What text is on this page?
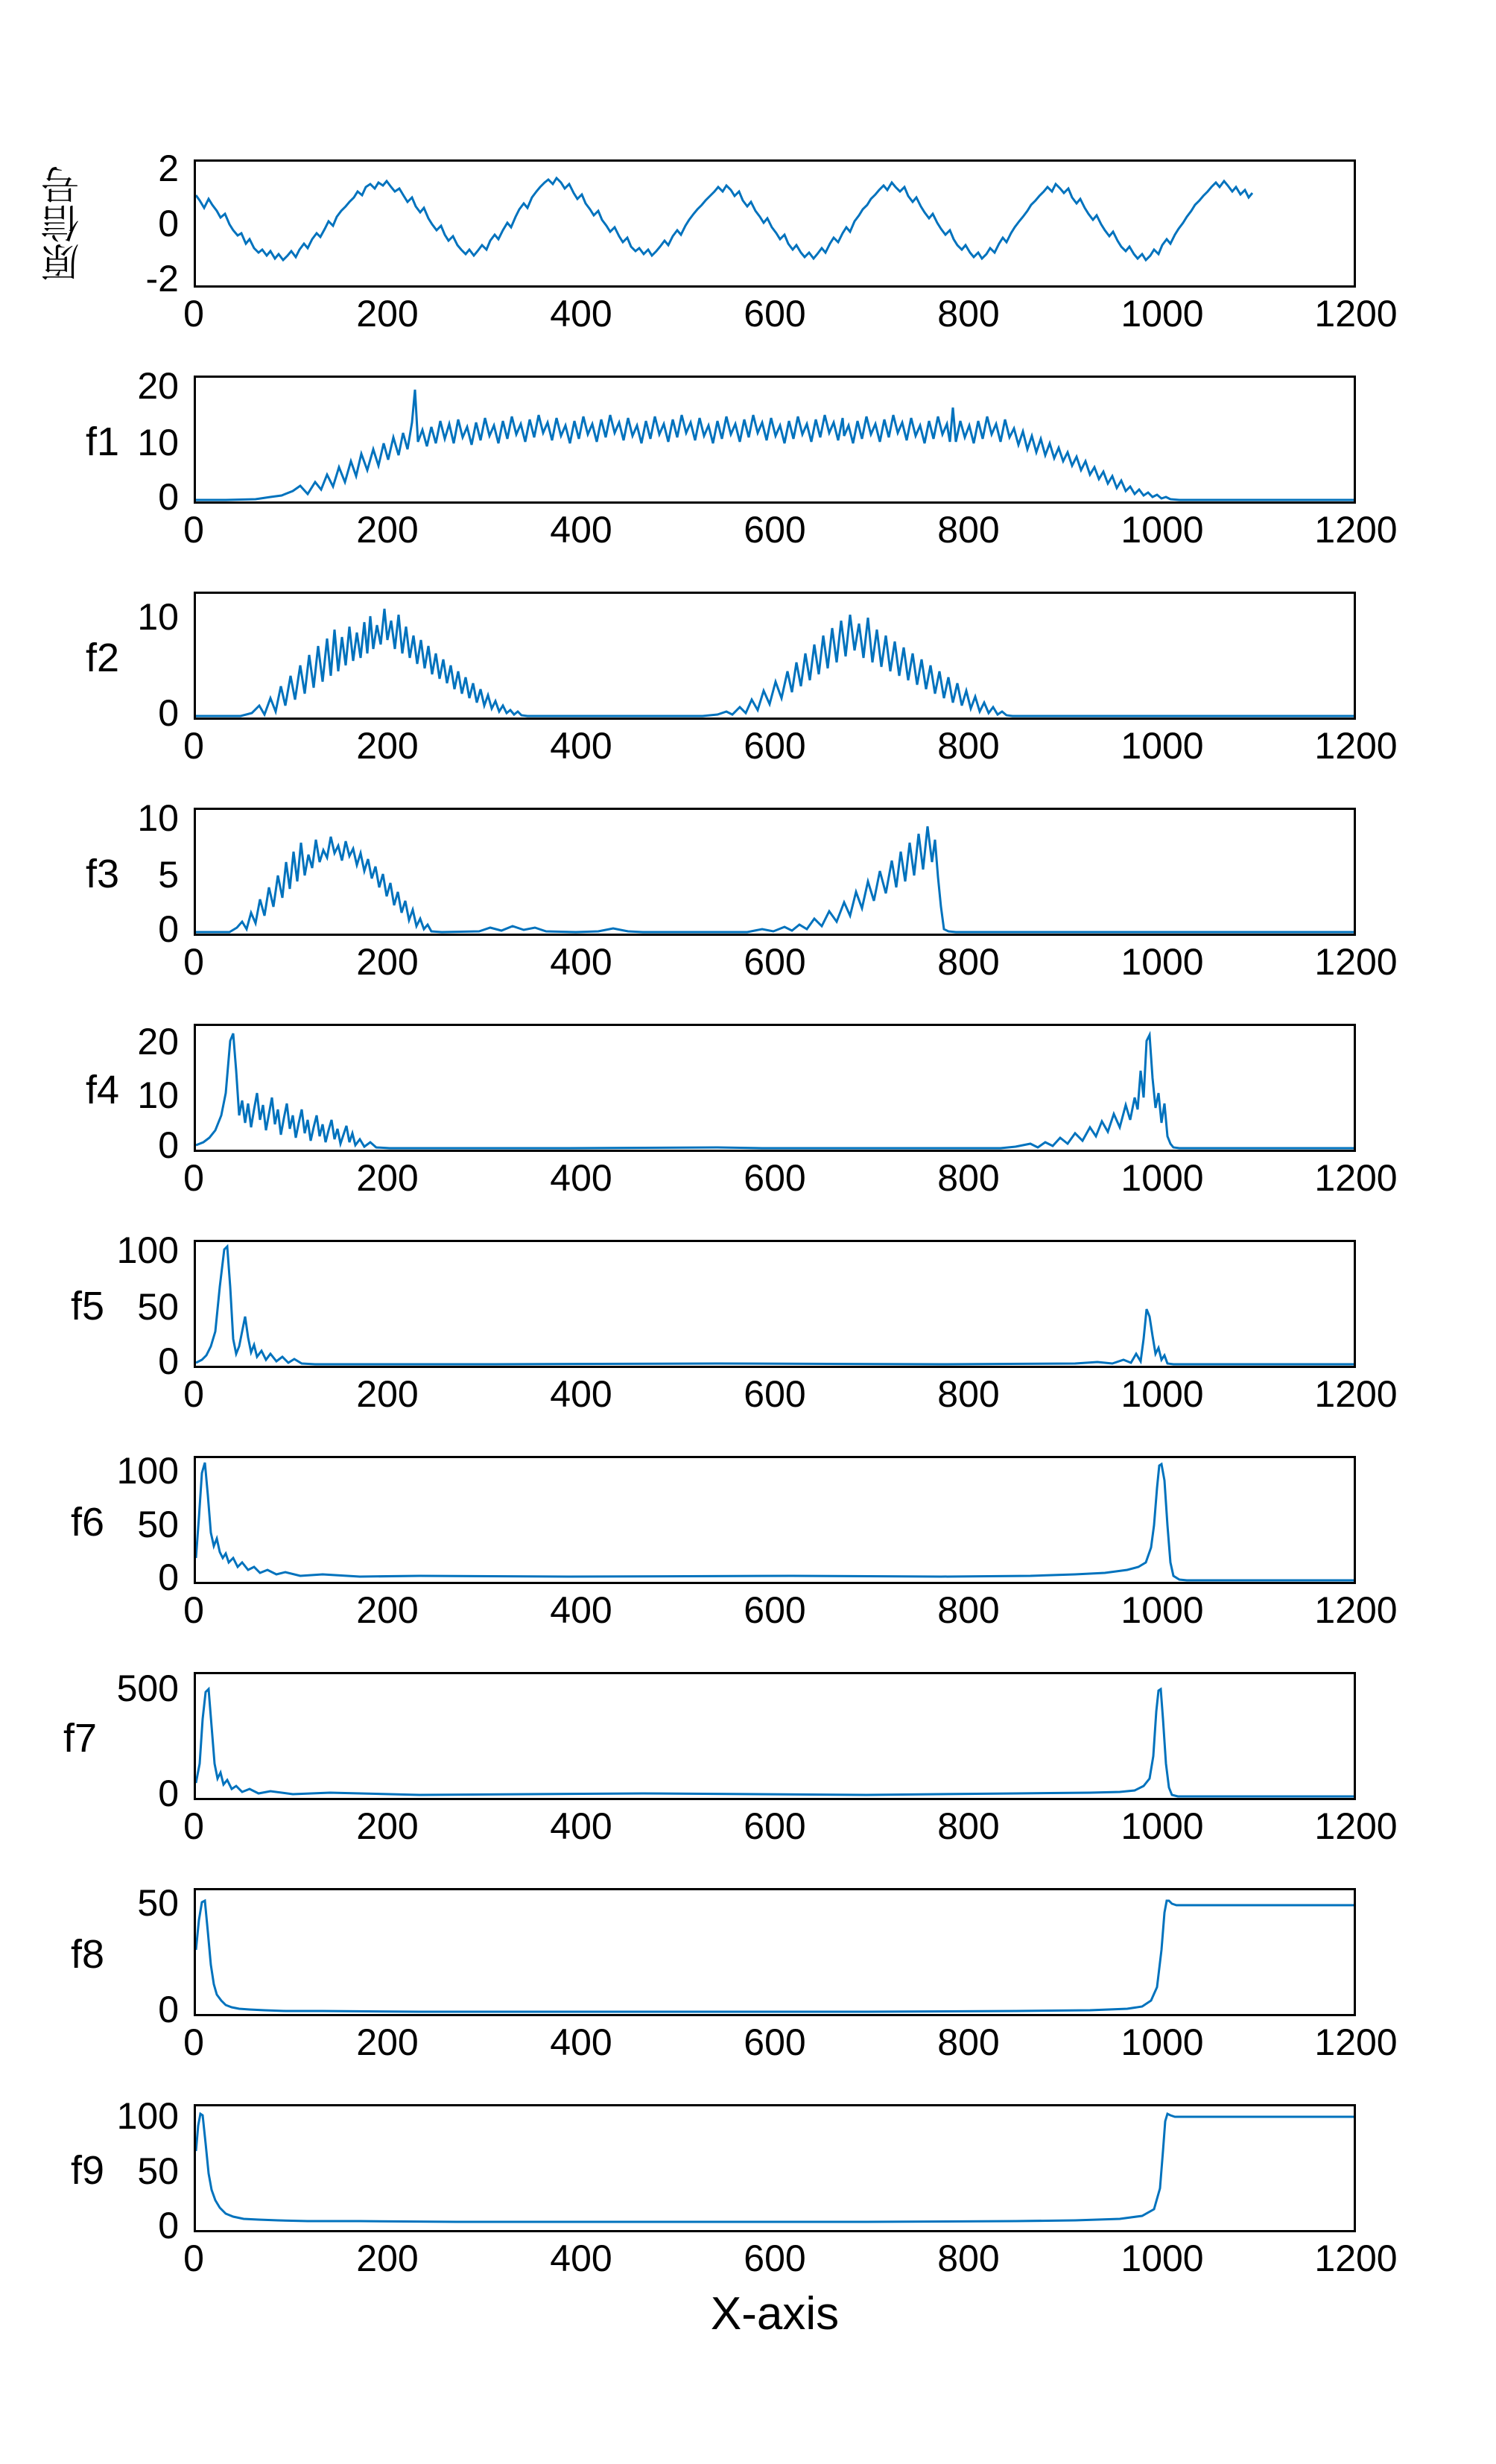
原信号	2
0
-2
0	200	400	600	800	1000	1200
f1
20
10
0
0	200	400	600	800	1000	1200
f2
10
0
0	200	400	600	800	1000	1200
f3
10
5
0
0	200	400	600	800	1000	1200
f4
20
10
0
0	200	400	600	800	1000	1200
f5
100
50
0
0	200	400	600	800	1000	1200
f6
100
50
0
0	200	400	600	800	1000	1200
f7
500
0
0	200	400	600	800	1000	1200
f8
50
0
0	200	400	600	800	1000	1200
f9
100
50
0
0	200	400	600	800	1000	1200
X-axis
